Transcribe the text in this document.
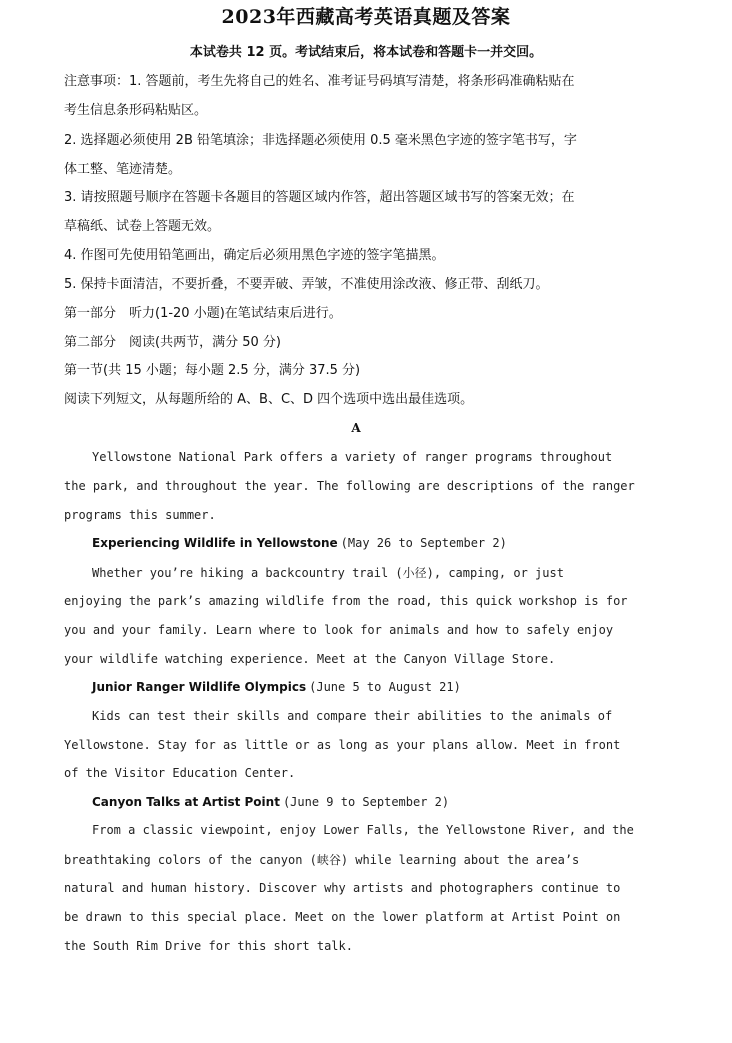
2023年西藏高考英语真题及答案
本试卷共 12 页。考试结束后，将本试卷和答题卡一并交回。
注意事项：1. 答题前，考生先将自己的姓名、准考证号码填写清楚，将条形码准确粘贴在
考生信息条形码粘贴区。
2. 选择题必须使用 2B 铅笔填涂；非选择题必须使用 0.5 毫米黑色字迹的签字笔书写，字
体工整、笔迹清楚。
3. 请按照题号顺序在答题卡各题目的答题区域内作答，超出答题区域书写的答案无效；在
草稿纸、试卷上答题无效。
4. 作图可先使用铅笔画出，确定后必须用黑色字迹的签字笔描黑。
5. 保持卡面清洁，不要折叠，不要弄破、弄皱，不准使用涂改液、修正带、刮纸刀。
第一部分　听力(1-20 小题)在笔试结束后进行。
第二部分　阅读(共两节，满分 50 分)
第一节(共 15 小题；每小题 2.5 分，满分 37.5 分)
阅读下列短文，从每题所给的 A、B、C、D 四个选项中选出最佳选项。
A
Yellowstone National Park offers a variety of ranger programs throughout
the park, and throughout the year. The following are descriptions of the ranger
programs this summer.
Experiencing Wildlife in Yellowstone (May 26 to September 2)
Whether you’re hiking a backcountry trail (小径), camping, or just
enjoying the park’s amazing wildlife from the road, this quick workshop is for
you and your family. Learn where to look for animals and how to safely enjoy
your wildlife watching experience. Meet at the Canyon Village Store.
Junior Ranger Wildlife Olympics (June 5 to August 21)
Kids can test their skills and compare their abilities to the animals of
Yellowstone. Stay for as little or as long as your plans allow. Meet in front
of the Visitor Education Center.
Canyon Talks at Artist Point (June 9 to September 2)
From a classic viewpoint, enjoy Lower Falls, the Yellowstone River, and the
breathtaking colors of the canyon (峡谷) while learning about the area’s
natural and human history. Discover why artists and photographers continue to
be drawn to this special place. Meet on the lower platform at Artist Point on
the South Rim Drive for this short talk.
